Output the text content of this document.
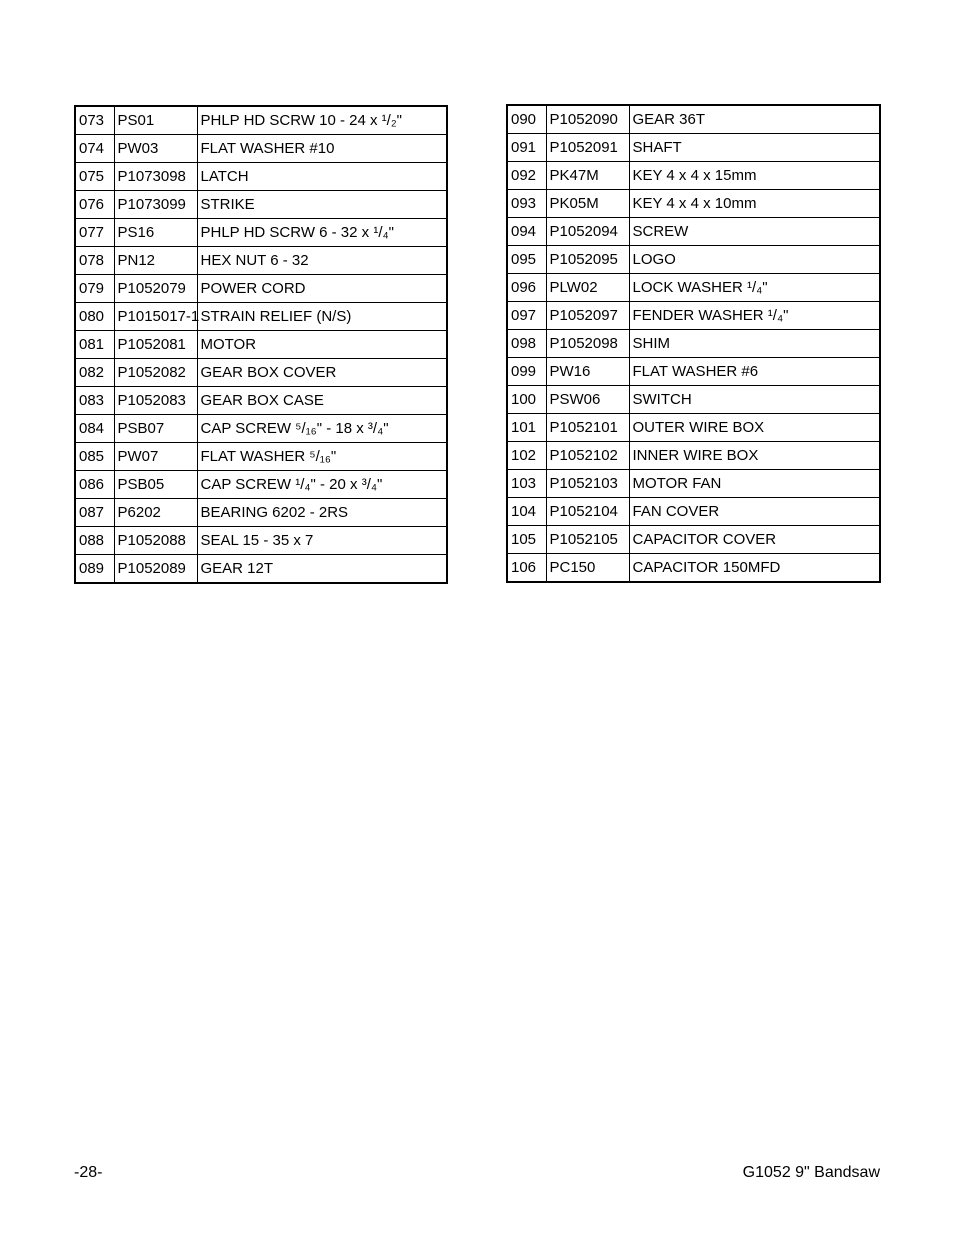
073	PS01	PHLP HD SCRW 10 - 24 x ¹/₂"
074	PW03	FLAT WASHER #10
075	P1073098	LATCH
076	P1073099	STRIKE
077	PS16	PHLP HD SCRW 6 - 32 x ¹/₄"
078	PN12	HEX NUT 6 - 32
079	P1052079	POWER CORD
080	P1015017-1	STRAIN RELIEF (N/S)
081	P1052081	MOTOR
082	P1052082	GEAR BOX COVER
083	P1052083	GEAR BOX CASE
084	PSB07	CAP SCREW ⁵/₁₆" - 18 x ³/₄"
085	PW07	FLAT WASHER ⁵/₁₆"
086	PSB05	CAP SCREW ¹/₄" - 20 x ³/₄"
087	P6202	BEARING 6202 - 2RS
088	P1052088	SEAL 15 - 35 x 7
089	P1052089	GEAR 12T
090	P1052090	GEAR 36T
091	P1052091	SHAFT
092	PK47M	KEY 4 x 4 x 15mm
093	PK05M	KEY 4 x 4 x 10mm
094	P1052094	SCREW
095	P1052095	LOGO
096	PLW02	LOCK WASHER ¹/₄"
097	P1052097	FENDER WASHER ¹/₄"
098	P1052098	SHIM
099	PW16	FLAT WASHER #6
100	PSW06	SWITCH
101	P1052101	OUTER WIRE BOX
102	P1052102	INNER WIRE BOX
103	P1052103	MOTOR FAN
104	P1052104	FAN COVER
105	P1052105	CAPACITOR COVER
106	PC150	CAPACITOR 150MFD
-28-	G1052 9" Bandsaw
